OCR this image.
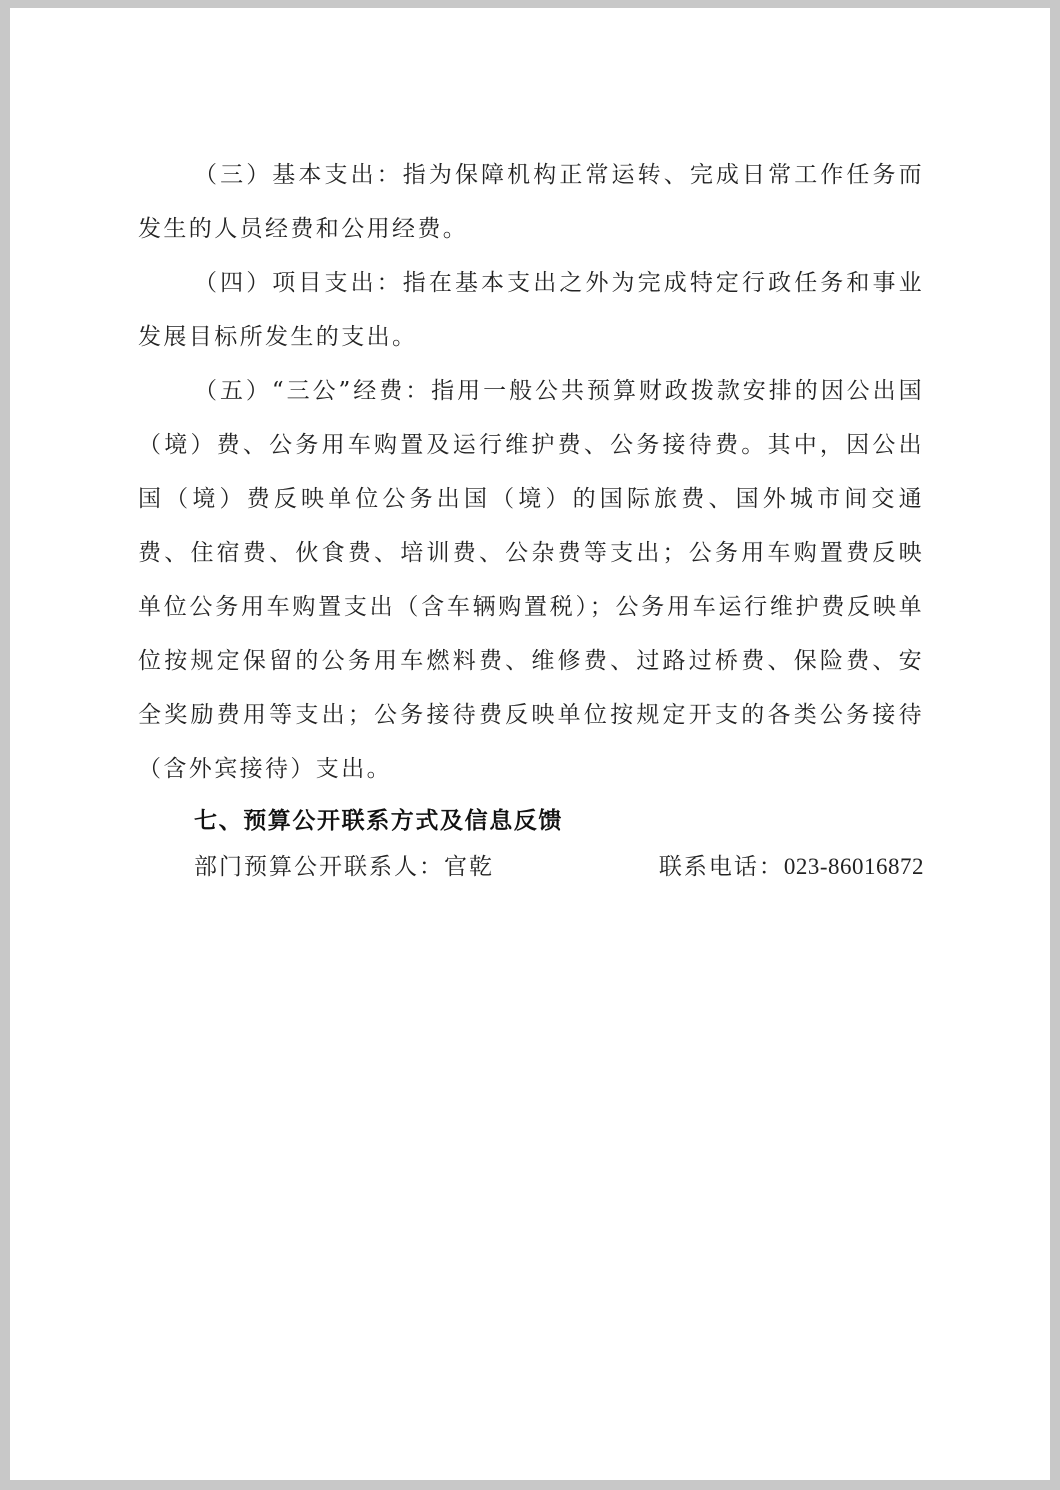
（三）基本支出：指为保障机构正常运转、完成日常工作任务而发生的人员经费和公用经费。

（四）项目支出：指在基本支出之外为完成特定行政任务和事业发展目标所发生的支出。

（五）“三公”经费：指用一般公共预算财政拨款安排的因公出国（境）费、公务用车购置及运行维护费、公务接待费。其中，因公出国（境）费反映单位公务出国（境）的国际旅费、国外城市间交通费、住宿费、伙食费、培训费、公杂费等支出；公务用车购置费反映单位公务用车购置支出（含车辆购置税）；公务用车运行维护费反映单位按规定保留的公务用车燃料费、维修费、过路过桥费、保险费、安全奖励费用等支出；公务接待费反映单位按规定开支的各类公务接待（含外宾接待）支出。

七、预算公开联系方式及信息反馈
部门预算公开联系人：官乾	联系电话：023-86016872
